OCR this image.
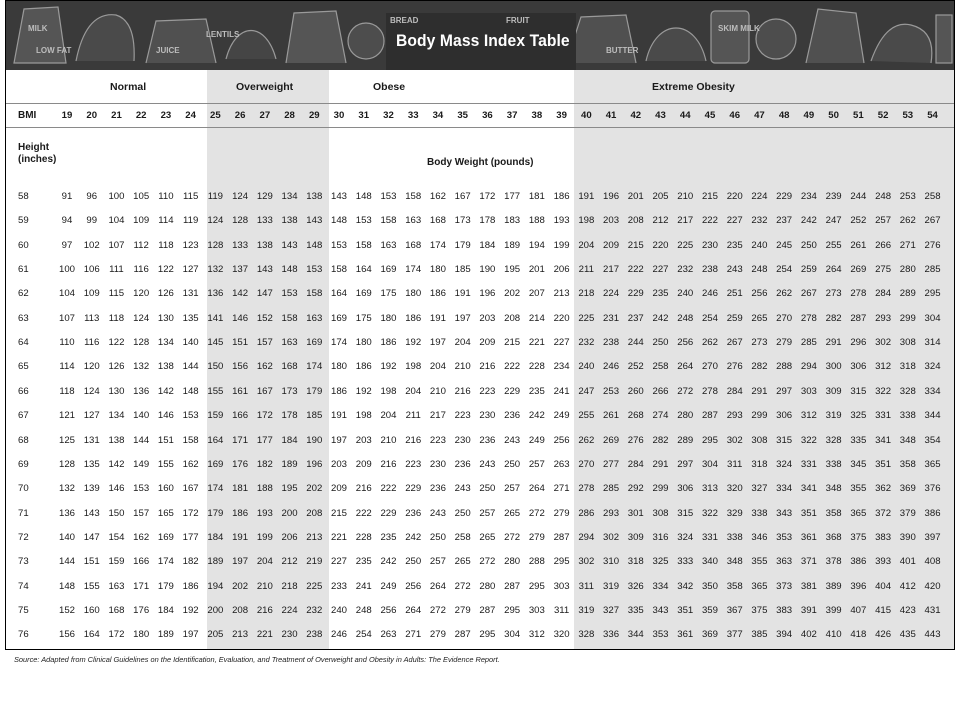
MILK	SKIM MILK
BREAD
LENTILS
FRUIT
LOW FAT	BUTTER
JUICE
Body Mass Index Table
Normal	Overweight	Obese	Extreme Obesity
BMI	19	20	21	22	23	24	25	26	27	28	29	30	31	32	33	34	35	36	37	38	39	40	41	42	43	44	45	46	47	48	49	50	51	52	53	54
Height
(inches)	Body Weight (pounds)
58	91	96	100 105 110 115 119 124 129 134 138 143 148 153 158 162 167 172 177 181 186 191 196 201 205 210 215 220 224 229 234 239 244 248 253 258
59	94	99	104 109 114 119 124 128 133 138 143 148 153 158 163 168 173 178 183 188 193 198 203 208 212 217 222 227 232 237 242 247 252 257 262 267
60	97	102 107 112 118 123 128 133 138 143 148 153 158 163 168 174 179 184 189 194 199 204 209 215 220 225 230 235 240 245 250 255 261 266 271 276
61	100 106 111	116 122 127 132 137 143 148 153 158 164 169 174 180 185 190 195 201 206 211 217 222 227 232 238 243 248 254 259 264 269 275 280 285
62	104 109 115 120 126 131 136 142 147 153 158 164 169 175 180 186 191 196 202 207 213 218 224 229 235 240 246 251 256 262 267 273 278 284 289 295
63	107 113 118 124 130 135 141 146 152 158 163 169 175 180 186 191 197 203 208 214 220 225 231 237 242 248 254 259 265 270 278 282 287 293 299 304
64	110 116 122 128 134 140 145 151 157 163 169 174 180 186 192 197 204 209 215 221 227 232 238 244 250 256 262 267 273 279 285 291 296 302 308 314
65	114 120 126 132 138 144 150 156 162 168 174 180 186 192 198 204 210 216 222 228 234 240 246 252 258 264 270 276 282 288 294 300 306 312 318 324
66	118 124 130 136 142 148 155 161 167 173 179 186 192 198 204 210 216 223 229 235 241 247 253 260 266 272 278 284 291 297 303 309 315 322 328 334
67	121 127 134 140 146 153 159 166 172 178 185 191 198 204 211 217 223 230 236 242 249 255 261 268 274 280 287 293 299 306 312 319 325 331 338 344
68	125 131 138 144 151 158 164 171 177 184 190 197 203 210 216 223 230 236 243 249 256 262 269 276 282 289 295 302 308 315 322 328 335 341 348 354
69	128 135 142 149 155 162 169 176 182 189 196 203 209 216 223 230 236 243 250 257 263 270 277 284 291 297 304 311 318 324 331 338 345 351 358 365
70	132 139 146 153 160 167 174 181 188 195 202 209 216 222 229 236 243 250 257 264 271 278 285 292 299 306 313 320 327 334 341 348 355 362 369 376
71	136 143 150 157 165 172 179 186 193 200 208 215 222 229 236 243 250 257 265 272 279 286 293 301 308 315 322 329 338 343 351 358 365 372 379 386
72	140 147 154 162 169 177 184 191 199 206 213 221 228 235 242 250 258 265 272 279 287 294 302 309 316 324 331 338 346 353 361 368 375 383 390 397
73	144 151 159 166 174 182 189 197 204 212 219 227 235 242 250 257 265 272 280 288 295 302 310 318 325 333 340 348 355 363 371 378 386 393 401 408
74	148 155 163 171 179 186 194 202 210 218 225 233 241 249 256 264 272 280 287 295 303 311 319 326 334 342 350 358 365 373 381 389 396 404 412 420
75	152 160 168 176 184 192 200 208 216 224 232 240 248 256 264 272 279 287 295 303 311 319 327 335 343 351 359 367 375 383 391 399 407 415 423 431
76	156 164 172 180 189 197 205 213 221 230 238 246 254 263 271 279 287 295 304 312 320 328 336 344 353 361 369 377 385 394 402 410 418 426 435 443
Source: Adapted from Clinical Guidelines on the Identification, Evaluation, and Treatment of Overweight and Obesity in Adults: The Evidence Report.
